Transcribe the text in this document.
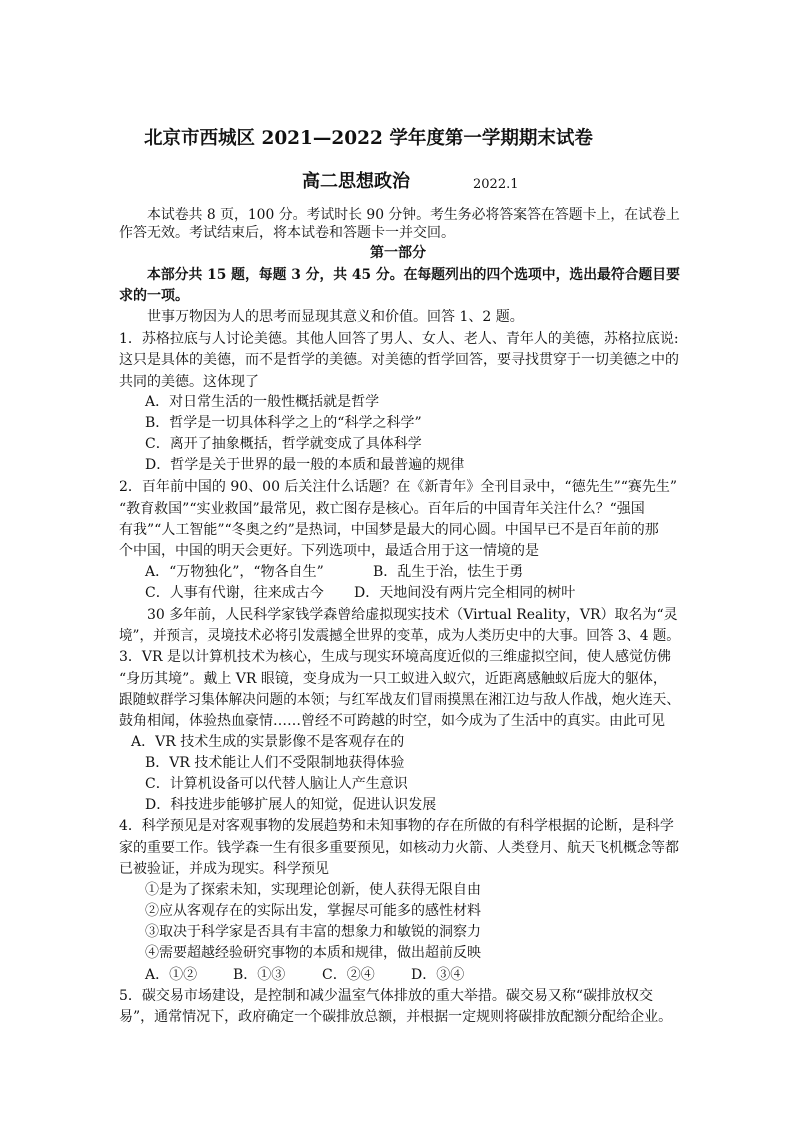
北京市西城区 2021—2022 学年度第一学期期末试卷
高二思想政治	2022.1
本试卷共 8 页，100 分。考试时长 90 分钟。考生务必将答案答在答题卡上，在试卷上
作答无效。考试结束后，将本试卷和答题卡一并交回。
第一部分
本部分共 15 题，每题 3 分，共 45 分。在每题列出的四个选项中，选出最符合题目要
求的一项。
世事万物因为人的思考而显现其意义和价值。回答 1、2 题。
1．苏格拉底与人讨论美德。其他人回答了男人、女人、老人、青年人的美德，苏格拉底说:
这只是具体的美德，而不是哲学的美德。对美德的哲学回答，要寻找贯穿于一切美德之中的
共同的美德。这体现了
A．对日常生活的一般性概括就是哲学
B．哲学是一切具体科学之上的“科学之科学”
C．离开了抽象概括，哲学就变成了具体科学
D．哲学是关于世界的最一般的本质和最普遍的规律
2．百年前中国的 90、00 后关注什么话题？在《新青年》全刊目录中，“德先生”“赛先生”
“教育救国”“实业救国”最常见，救亡图存是核心。百年后的中国青年关注什么？“强国
有我”“人工智能”“冬奥之约”是热词，中国梦是最大的同心圆。中国早已不是百年前的那
个中国，中国的明天会更好。下列选项中，最适合用于这一情境的是
A．“万物独化”，“物各自生”	B．乱生于治，怯生于勇
C．人事有代谢，往来成古今 D．天地间没有两片完全相同的树叶
30 多年前，人民科学家钱学森曾给虚拟现实技术（Virtual Reality，VR）取名为“灵
境”，并预言，灵境技术必将引发震撼全世界的变革，成为人类历史中的大事。回答 3、4 题。
3．VR 是以计算机技术为核心，生成与现实环境高度近似的三维虚拟空间，使人感觉仿佛
“身历其境”。戴上 VR 眼镜，变身成为一只工蚁进入蚁穴，近距离感触蚁后庞大的躯体，
跟随蚁群学习集体解决问题的本领；与红军战友们冒雨摸黑在湘江边与敌人作战，炮火连天、
鼓角相闻，体验热血豪情……曾经不可跨越的时空，如今成为了生活中的真实。由此可见
A．VR 技术生成的实景影像不是客观存在的
B．VR 技术能让人们不受限制地获得体验
C．计算机设备可以代替人脑让人产生意识
D．科技进步能够扩展人的知觉，促进认识发展
4．科学预见是对客观事物的发展趋势和未知事物的存在所做的有科学根据的论断，是科学
家的重要工作。钱学森一生有很多重要预见，如核动力火箭、人类登月、航天飞机概念等都
已被验证，并成为现实。科学预见
①是为了探索未知，实现理论创新，使人获得无限自由
②应从客观存在的实际出发，掌握尽可能多的感性材料
③取决于科学家是否具有丰富的想象力和敏锐的洞察力
④需要超越经验研究事物的本质和规律，做出超前反映
A．①②	B．①③	C．②④	D．③④
5．碳交易市场建设，是控制和减少温室气体排放的重大举措。碳交易又称“碳排放权交
易”，通常情况下，政府确定一个碳排放总额，并根据一定规则将碳排放配额分配给企业。
